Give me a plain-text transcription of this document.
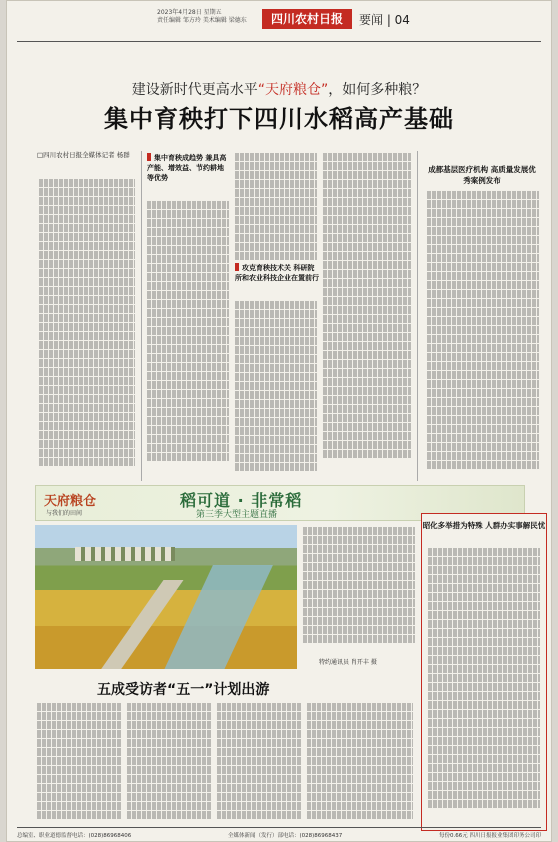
2023年4月28日 星期五
责任编辑 邹方玲 美术编辑 梁德东	四川农村日报	要闻 | 04
建设新时代更高水平“天府粮仓”，如何多种粮？
集中育秧打下四川水稻高产基础
□四川农村日报全媒体记者 杨群	集中育秧成趋势 兼具高产能、增效益、节约耕地等优势
攻克育秧技术关 科研院所和农业科技企业在置前行
成都基层医疗机构 高质量发展优秀案例发布
天府粮仓
与我们的田间
稻可道 · 非常稻
第三季大型主题直播
特约通讯员 肖开丰 摄
五成受访者“五一”计划出游
昭化多举措为特殊 人群办实事解民忧
总编室、职业道德监督电话：(028)86968406	全媒体新闻（发行）部电话：(028)86968437	每份0.66元 四川日报报业集团印务公司印
